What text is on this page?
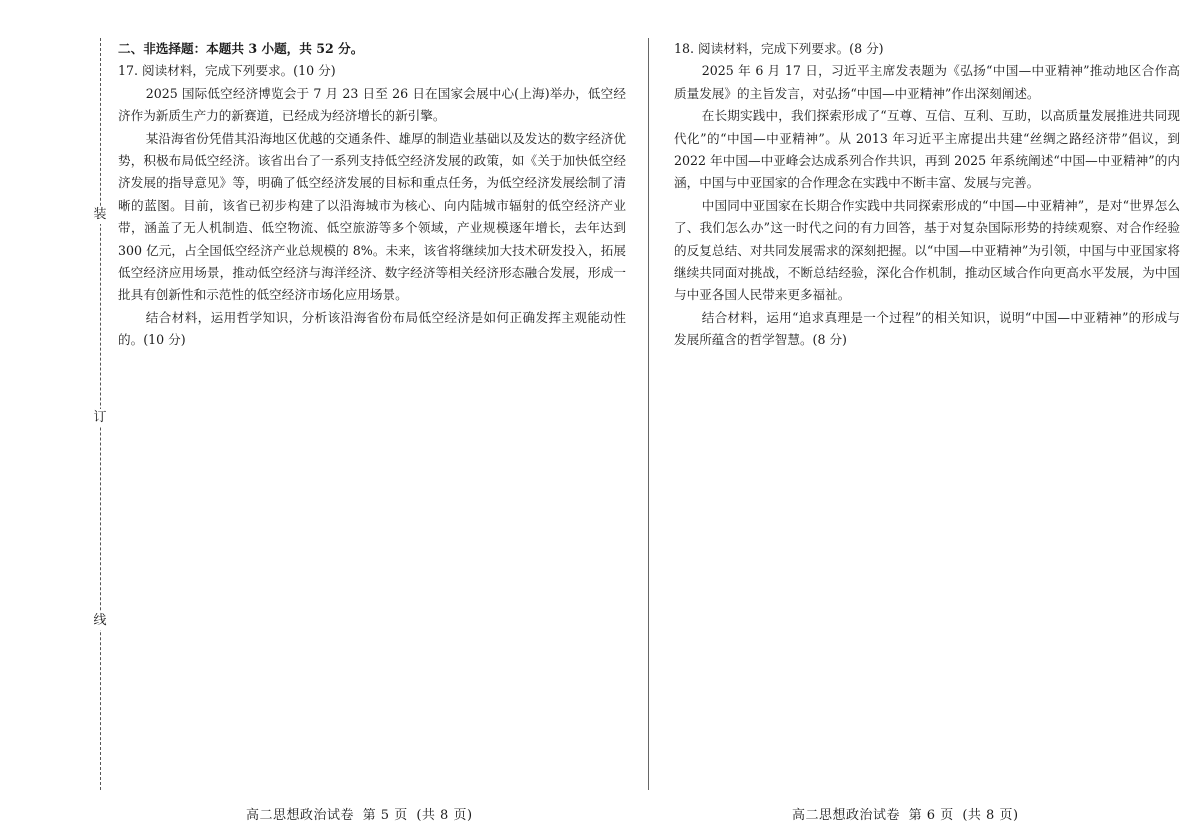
装
订
线
二、非选择题：本题共 3 小题，共 52 分。
17. 阅读材料，完成下列要求。(10 分)

2025 国际低空经济博览会于 7 月 23 日至 26 日在国家会展中心(上海)举办，低空经济作为新质生产力的新赛道，已经成为经济增长的新引擎。

某沿海省份凭借其沿海地区优越的交通条件、雄厚的制造业基础以及发达的数字经济优势，积极布局低空经济。该省出台了一系列支持低空经济发展的政策，如《关于加快低空经济发展的指导意见》等，明确了低空经济发展的目标和重点任务，为低空经济发展绘制了清晰的蓝图。目前，该省已初步构建了以沿海城市为核心、向内陆城市辐射的低空经济产业带，涵盖了无人机制造、低空物流、低空旅游等多个领域，产业规模逐年增长，去年达到 300 亿元，占全国低空经济产业总规模的 8%。未来，该省将继续加大技术研发投入，拓展低空经济应用场景，推动低空经济与海洋经济、数字经济等相关经济形态融合发展，形成一批具有创新性和示范性的低空经济市场化应用场景。

结合材料，运用哲学知识，分析该沿海省份布局低空经济是如何正确发挥主观能动性的。(10 分)

18. 阅读材料，完成下列要求。(8 分)

2025 年 6 月 17 日，习近平主席发表题为《弘扬“中国—中亚精神”推动地区合作高质量发展》的主旨发言，对弘扬“中国—中亚精神”作出深刻阐述。

在长期实践中，我们探索形成了“互尊、互信、互利、互助，以高质量发展推进共同现代化”的“中国—中亚精神”。从 2013 年习近平主席提出共建“丝绸之路经济带”倡议，到 2022 年中国—中亚峰会达成系列合作共识，再到 2025 年系统阐述“中国—中亚精神”的内涵，中国与中亚国家的合作理念在实践中不断丰富、发展与完善。

中国同中亚国家在长期合作实践中共同探索形成的“中国—中亚精神”，是对“世界怎么了、我们怎么办”这一时代之问的有力回答，基于对复杂国际形势的持续观察、对合作经验的反复总结、对共同发展需求的深刻把握。以“中国—中亚精神”为引领，中国与中亚国家将继续共同面对挑战，不断总结经验，深化合作机制，推动区域合作向更高水平发展，为中国与中亚各国人民带来更多福祉。

结合材料，运用“追求真理是一个过程”的相关知识，说明“中国—中亚精神”的形成与发展所蕴含的哲学智慧。(8 分)

高二思想政治试卷 第 5 页 (共 8 页)	高二思想政治试卷 第 6 页 (共 8 页)
